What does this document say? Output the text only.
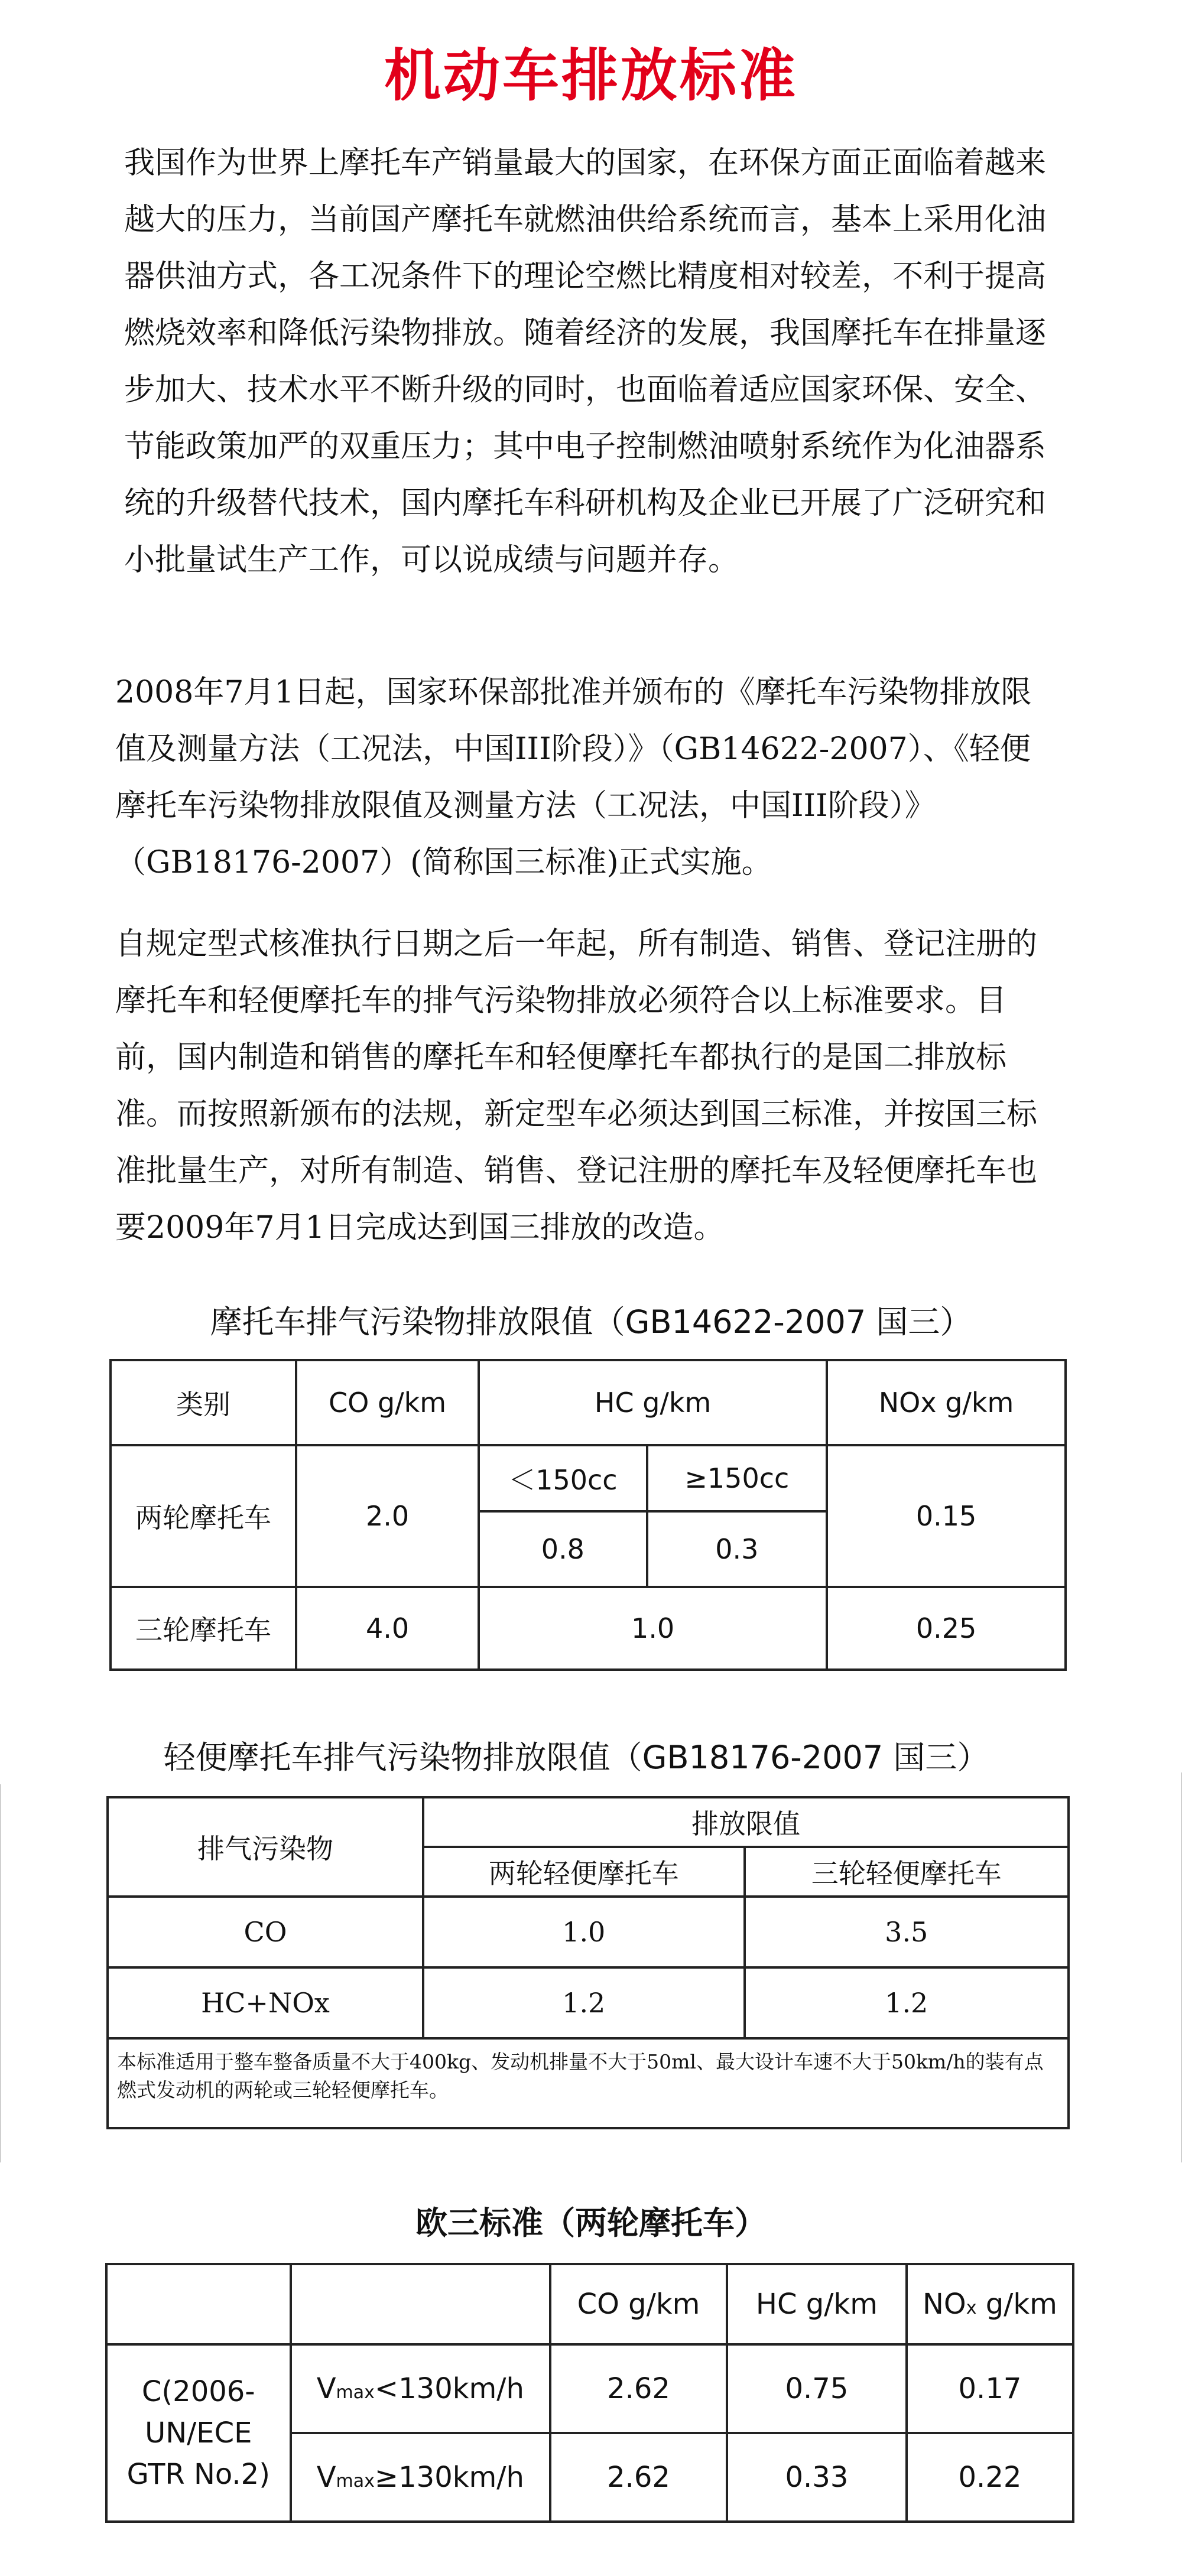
机动车排放标准

我国作为世界上摩托车产销量最大的国家，在环保方面正面临着越来越大的压力，当前国产摩托车就燃油供给系统而言，基本上采用化油器供油方式，各工况条件下的理论空燃比精度相对较差，不利于提高燃烧效率和降低污染物排放。随着经济的发展，我国摩托车在排量逐步加大、技术水平不断升级的同时，也面临着适应国家环保、安全、节能政策加严的双重压力；其中电子控制燃油喷射系统作为化油器系统的升级替代技术，国内摩托车科研机构及企业已开展了广泛研究和小批量试生产工作，可以说成绩与问题并存。

2008年7月1日起，国家环保部批准并颁布的《摩托车污染物排放限值及测量方法（工况法，中国III阶段）》（GB14622-2007）、《轻便摩托车污染物排放限值及测量方法（工况法，中国III阶段）》（GB18176-2007）(简称国三标准)正式实施。

自规定型式核准执行日期之后一年起，所有制造、销售、登记注册的摩托车和轻便摩托车的排气污染物排放必须符合以上标准要求。目前，国内制造和销售的摩托车和轻便摩托车都执行的是国二排放标准。而按照新颁布的法规，新定型车必须达到国三标准，并按国三标准批量生产，对所有制造、销售、登记注册的摩托车及轻便摩托车也要2009年7月1日完成达到国三排放的改造。

摩托车排气污染物排放限值（GB14622-2007 国三）
类别	CO g/km	HC g/km		NOx g/km
两轮摩托车	2.0	＜150cc	≥150cc	0.15
		0.8	0.3	
三轮摩托车	4.0	1.0		0.25
轻便摩托车排气污染物排放限值（GB18176-2007 国三）
排气污染物	排放限值	
	两轮轻便摩托车	三轮轻便摩托车
CO	1.0	3.5
HC+NOx	1.2	1.2
本标准适用于整车整备质量不大于400kg、发动机排量不大于50ml、最大设计车速不大于50km/h的装有点燃式发动机的两轮或三轮轻便摩托车。		
欧三标准（两轮摩托车）
		CO g/km	HC g/km	NOx g/km
C(2006-UN/ECE GTR No.2)	Vmax<130km/h	2.62	0.75	0.17
	Vmax≥130km/h	2.62	0.33	0.22
